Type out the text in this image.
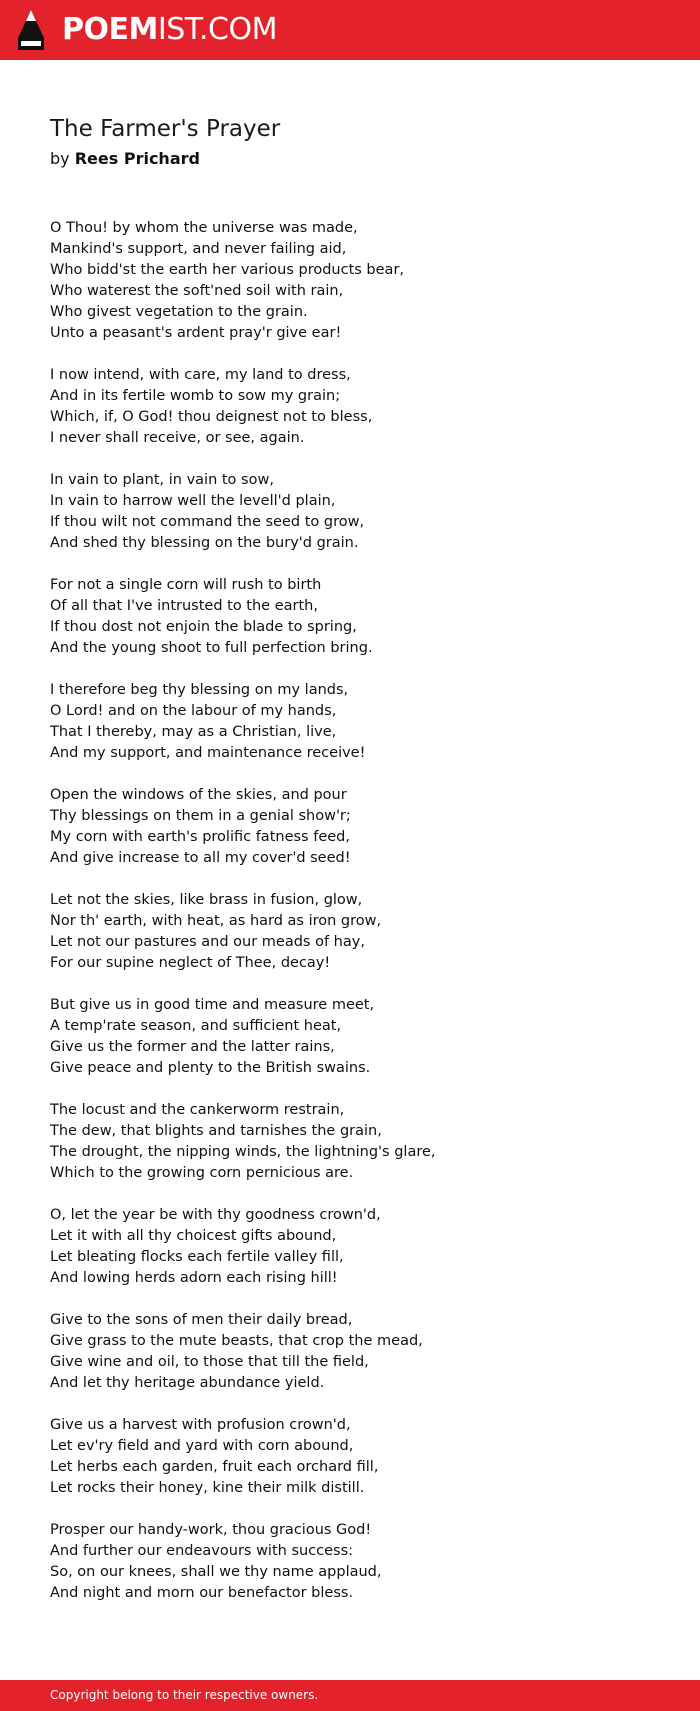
POEMIST.COM
The Farmer's Prayer
by Rees Prichard
O Thou! by whom the universe was made,
Mankind's support, and never failing aid,
Who bidd'st the earth her various products bear,
Who waterest the soft'ned soil with rain,
Who givest vegetation to the grain.
Unto a peasant's ardent pray'r give ear!
I now intend, with care, my land to dress,
And in its fertile womb to sow my grain;
Which, if, O God! thou deignest not to bless,
I never shall receive, or see, again.
In vain to plant, in vain to sow,
In vain to harrow well the levell'd plain,
If thou wilt not command the seed to grow,
And shed thy blessing on the bury'd grain.
For not a single corn will rush to birth
Of all that I've intrusted to the earth,
If thou dost not enjoin the blade to spring,
And the young shoot to full perfection bring.
I therefore beg thy blessing on my lands,
O Lord! and on the labour of my hands,
That I thereby, may as a Christian, live,
And my support, and maintenance receive!
Open the windows of the skies, and pour
Thy blessings on them in a genial show'r;
My corn with earth's prolific fatness feed,
And give increase to all my cover'd seed!
Let not the skies, like brass in fusion, glow,
Nor th' earth, with heat, as hard as iron grow,
Let not our pastures and our meads of hay,
For our supine neglect of Thee, decay!
But give us in good time and measure meet,
A temp'rate season, and sufficient heat,
Give us the former and the latter rains,
Give peace and plenty to the British swains.
The locust and the cankerworm restrain,
The dew, that blights and tarnishes the grain,
The drought, the nipping winds, the lightning's glare,
Which to the growing corn pernicious are.
O, let the year be with thy goodness crown'd,
Let it with all thy choicest gifts abound,
Let bleating flocks each fertile valley fill,
And lowing herds adorn each rising hill!
Give to the sons of men their daily bread,
Give grass to the mute beasts, that crop the mead,
Give wine and oil, to those that till the field,
And let thy heritage abundance yield.
Give us a harvest with profusion crown'd,
Let ev'ry field and yard with corn abound,
Let herbs each garden, fruit each orchard fill,
Let rocks their honey, kine their milk distill.
Prosper our handy-work, thou gracious God!
And further our endeavours with success:
So, on our knees, shall we thy name applaud,
And night and morn our benefactor bless.
Copyright belong to their respective owners.
